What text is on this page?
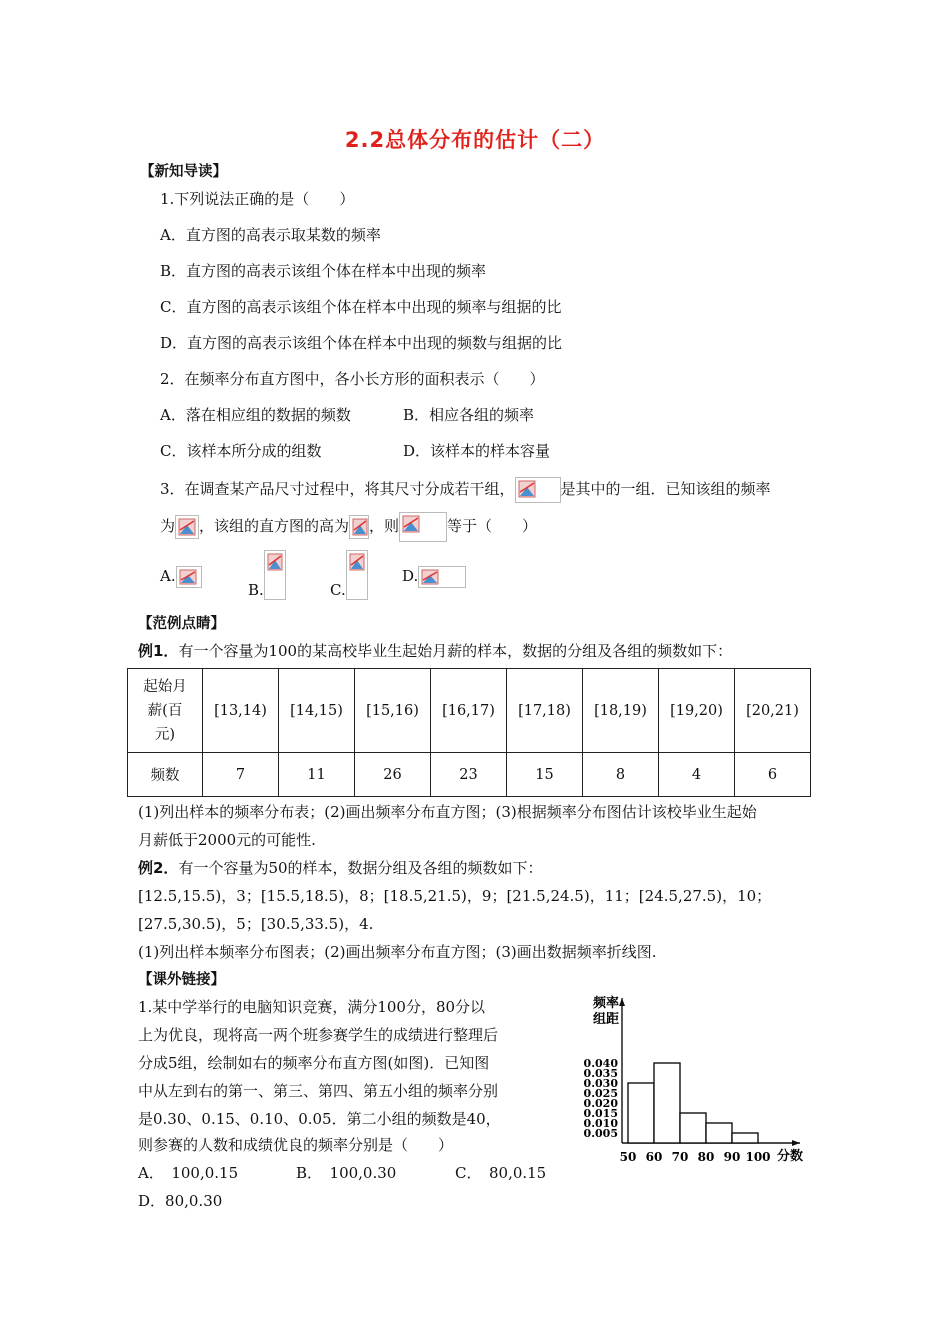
2.2总体分布的估计（二）
【新知导读】
1.下列说法正确的是（　　）
A．直方图的高表示取某数的频率
B．直方图的高表示该组个体在样本中出现的频率
C．直方图的高表示该组个体在样本中出现的频率与组据的比
D．直方图的高表示该组个体在样本中出现的频数与组据的比
2．在频率分布直方图中，各小长方形的面积表示（　　）
A．落在相应组的数据的频数	B．相应各组的频率
C．该样本所分成的组数	D．该样本的样本容量
3．在调查某产品尺寸过程中，将其尺寸分成若干组，	是其中的一组．已知该组的频率
为 ，该组的直方图的高为 ，则	等于（　　）
A.
B.	C.
D.
【范例点睛】
例1．有一个容量为100的某高校毕业生起始月薪的样本，数据的分组及各组的频数如下：
起始月
薪(百
元)	[13,14)	[14,15)	[15,16)	[16,17)	[17,18)	[18,19)	[19,20)	[20,21)
频数	7	11	26	23	15	8	4	6
(1)列出样本的频率分布表；(2)画出频率分布直方图；(3)根据频率分布图估计该校毕业生起始
月薪低于2000元的可能性.
例2．有一个容量为50的样本，数据分组及各组的频数如下：
[12.5,15.5)，3；[15.5,18.5)，8；[18.5,21.5)，9；[21.5,24.5)，11；[24.5,27.5)，10；
[27.5,30.5)，5；[30.5,33.5)，4.
(1)列出样本频率分布图表；(2)画出频率分布直方图；(3)画出数据频率折线图.
【课外链接】
1.某中学举行的电脑知识竞赛，满分100分，80分以
上为优良，现将高一两个班参赛学生的成绩进行整理后
分成5组，绘制如右的频率分布直方图(如图)．已知图
中从左到右的第一、第三、第四、第五小组的频率分别
是0.30、0.15、0.10、0.05．第二小组的频数是40，
则参赛的人数和成绩优良的频率分别是（　　）
A．　100,0.15	B．　100,0.30	C．　80,0.15
D．80,0.30
0.040
0.035
0.030
0.025
0.020
0.015
0.010
0.005
50 60 70 80 90 100
频率
组距
分数
